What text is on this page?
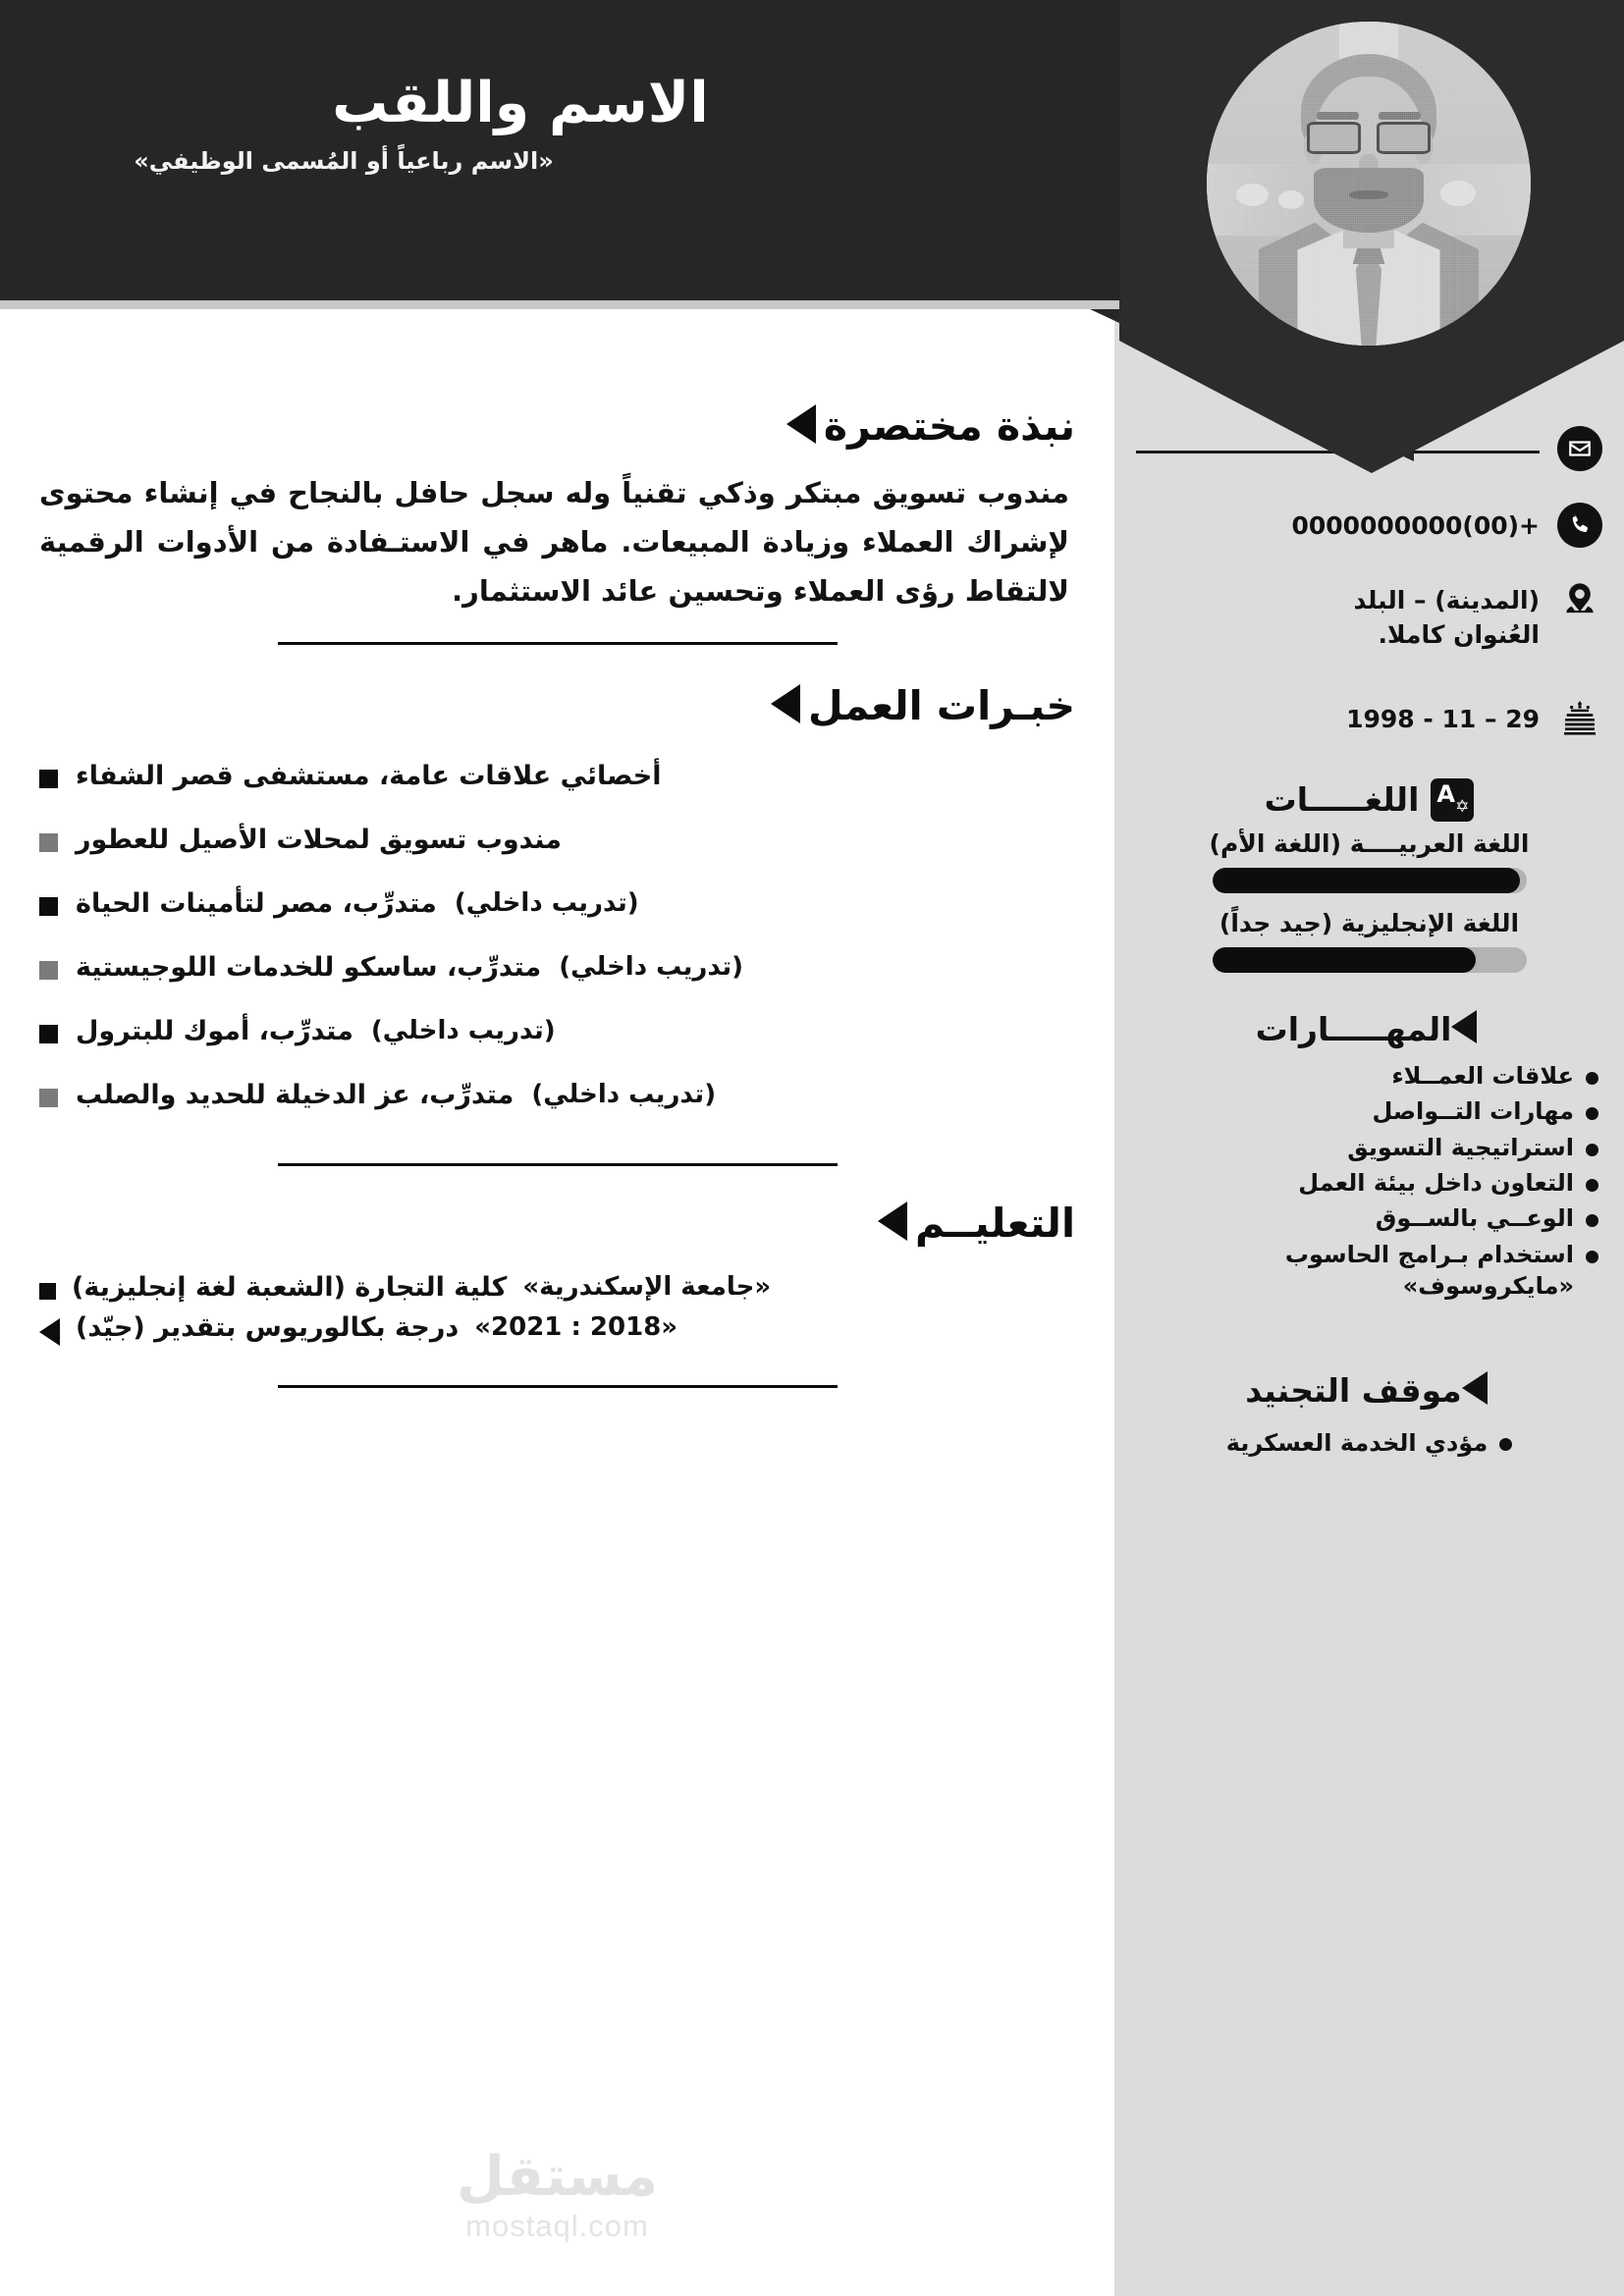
الاسم واللقب
«الاسم رباعياً أو المُسمى الوظيفي»
+(00)0000000000
(المدينة) – البلد
العُنوان كاملا.
29 – 11 - 1998
A ✡
اللغـــــات
اللغة العربيــــة (اللغة الأم)
اللغة الإنجليزية (جيد جداً)
المهـــــارات
علاقات العمــلاء
مهارات التــواصل
استراتيجية التسويق
التعاون داخل بيئة العمل
الوعــي بالســوق
استخدام بـرامج الحاسوب «مايكروسوف»
موقف التجنيد
مؤدي الخدمة العسكرية
نبذة مختصرة
مندوب تسويق مبتكر وذكي تقنياً وله سجل حافل بالنجاح في إنشاء محتوى لإشراك العملاء وزيادة المبيعات. ماهر في الاستـفادة من الأدوات الرقمية لالتقاط رؤى العملاء وتحسين عائد الاستثمار.
خبـرات العمل
أخصائي علاقات عامة، مستشفى قصر الشفاء
مندوب تسويق لمحلات الأصيل للعطور
(تدريب داخلي)
متدرِّب، مصر لتأمينات الحياة
(تدريب داخلي)
متدرِّب، ساسكو للخدمات اللوجيستية
(تدريب داخلي)
متدرِّب، أموك للبترول
(تدريب داخلي)
متدرِّب، عز الدخيلة للحديد والصلب
التعليــم
«جامعة الإسكندرية»
كلية التجارة (الشعبة لغة إنجليزية)
«2018 : 2021»
درجة بكالوريوس بتقدير (جيّد)
مستقل
mostaql.com
